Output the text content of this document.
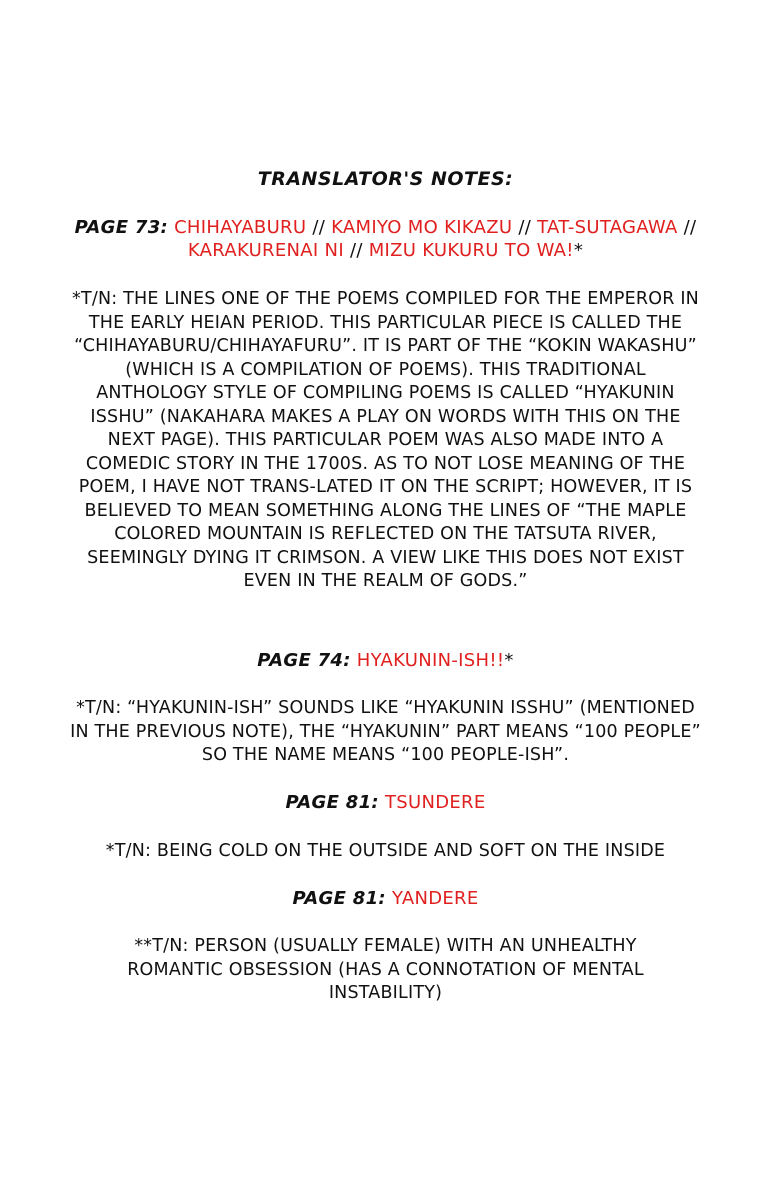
TRANSLATOR'S NOTES:
PAGE 73: CHIHAYABURU // KAMIYO MO KIKAZU // TAT-SUTAGAWA // KARAKURENAI NI // MIZU KUKURU TO WA!*
*T/N: THE LINES ONE OF THE POEMS COMPILED FOR THE EMPEROR IN THE EARLY HEIAN PERIOD. THIS PARTICULAR PIECE IS CALLED THE “CHIHAYABURU/CHIHAYAFURU”. IT IS PART OF THE “KOKIN WAKASHU” (WHICH IS A COMPILATION OF POEMS). THIS TRADITIONAL ANTHOLOGY STYLE OF COMPILING POEMS IS CALLED “HYAKUNIN ISSHU” (NAKAHARA MAKES A PLAY ON WORDS WITH THIS ON THE NEXT PAGE). THIS PARTICULAR POEM WAS ALSO MADE INTO A COMEDIC STORY IN THE 1700S. AS TO NOT LOSE MEANING OF THE POEM, I HAVE NOT TRANS-LATED IT ON THE SCRIPT; HOWEVER, IT IS BELIEVED TO MEAN SOMETHING ALONG THE LINES OF “THE MAPLE COLORED MOUNTAIN IS REFLECTED ON THE TATSUTA RIVER, SEEMINGLY DYING IT CRIMSON. A VIEW LIKE THIS DOES NOT EXIST EVEN IN THE REALM OF GODS.”
PAGE 74: HYAKUNIN-ISH!!*
*T/N: “HYAKUNIN-ISH” SOUNDS LIKE “HYAKUNIN ISSHU” (MENTIONED IN THE PREVIOUS NOTE), THE “HYAKUNIN” PART MEANS “100 PEOPLE” SO THE NAME MEANS “100 PEOPLE-ISH”.
PAGE 81: TSUNDERE
*T/N: BEING COLD ON THE OUTSIDE AND SOFT ON THE INSIDE
PAGE 81: YANDERE
**T/N: PERSON (USUALLY FEMALE) WITH AN UNHEALTHY ROMANTIC OBSESSION (HAS A CONNOTATION OF MENTAL INSTABILITY)
